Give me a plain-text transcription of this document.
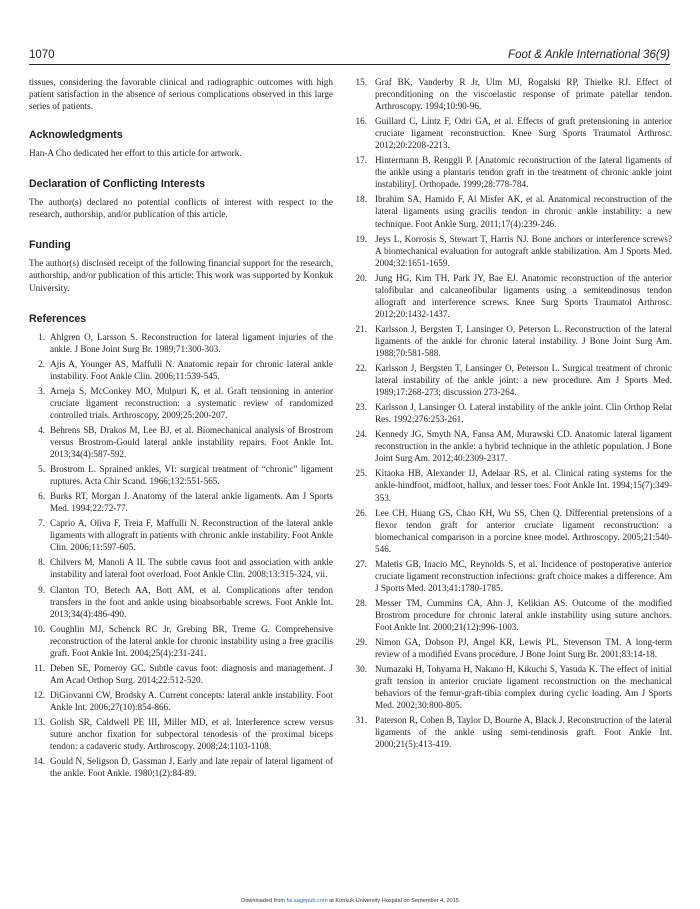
1070	Foot & Ankle International 36(9)

tissues, considering the favorable clinical and radiographic outcomes with high patient satisfaction in the absence of serious complications observed in this large series of patients.

Acknowledgments

Han-A Cho dedicated her effort to this article for artwork.

Declaration of Conflicting Interests

The author(s) declared no potential conflicts of interest with respect to the research, authorship, and/or publication of this article.

Funding

The author(s) disclosed receipt of the following financial support for the research, authorship, and/or publication of this article: This work was supported by Konkuk University.

References
1. Ahlgren O, Larsson S. Reconstruction for lateral ligament injuries of the ankle. J Bone Joint Surg Br. 1989;71:300-303.
2. Ajis A, Younger AS, Maffulli N. Anatomic repair for chronic lateral ankle instability. Foot Ankle Clin. 2006;11:539-545.
3. Arneja S, McConkey MO, Mulpuri K, et al. Graft tensioning in anterior cruciate ligament reconstruction: a systematic review of randomized controlled trials. Arthroscopy. 2009;25:200-207.
4. Behrens SB, Drakos M, Lee BJ, et al. Biomechanical analysis of Brostrom versus Brostrom-Gould lateral ankle instability repairs. Foot Ankle Int. 2013;34(4):587-592.
5. Brostrom L. Sprained ankles, VI: surgical treatment of “chronic” ligament ruptures. Acta Chir Scand. 1966;132:551-565.
6. Burks RT, Morgan J. Anatomy of the lateral ankle ligaments. Am J Sports Med. 1994;22:72-77.
7. Caprio A, Oliva F, Treia F, Maffulli N. Reconstruction of the lateral ankle ligaments with allograft in patients with chronic ankle instability. Foot Ankle Clin. 2006;11:597-605.
8. Chilvers M, Manoli A II. The subtle cavus foot and association with ankle instability and lateral foot overload. Foot Ankle Clin. 2008;13:315-324, vii.
9. Clanton TO, Betech AA, Bott AM, et al. Complications after tendon transfers in the foot and ankle using bioabsorbable screws. Foot Ankle Int. 2013;34(4):486-490.
10. Coughlin MJ, Schenck RC Jr, Grebing BR, Treme G. Comprehensive reconstruction of the lateral ankle for chronic instability using a free gracilis graft. Foot Ankle Int. 2004;25(4):231-241.
11. Deben SE, Pomeroy GC. Subtle cavus foot: diagnosis and management. J Am Acad Orthop Surg. 2014;22:512-520.
12. DiGiovanni CW, Brodsky A. Current concepts: lateral ankle instability. Foot Ankle Int. 2006;27(10):854-866.
13. Golish SR, Caldwell PE III, Miller MD, et al. Interference screw versus suture anchor fixation for subpectoral tenodesis of the proximal biceps tendon: a cadaveric study. Arthroscopy. 2008;24:1103-1108.
14. Gould N, Seligson D, Gassman J. Early and late repair of lateral ligament of the ankle. Foot Ankle. 1980;1(2):84-89.
15. Graf BK, Vanderby R Jr, Ulm MJ, Rogalski RP, Thielke RJ. Effect of preconditioning on the viscoelastic response of primate patellar tendon. Arthroscopy. 1994;10:90-96.
16. Guillard C, Lintz F, Odri GA, et al. Effects of graft pretensioning in anterior cruciate ligament reconstruction. Knee Surg Sports Traumatol Arthrosc. 2012;20:2208-2213.
17. Hintermann B, Renggli P. [Anatomic reconstruction of the lateral ligaments of the ankle using a plantaris tendon graft in the treatment of chronic ankle joint instability]. Orthopade. 1999;28:778-784.
18. Ibrahim SA, Hamido F, Al Misfer AK, et al. Anatomical reconstruction of the lateral ligaments using gracilis tendon in chronic ankle instability: a new technique. Foot Ankle Surg. 2011;17(4):239-246.
19. Jeys L, Korrosis S, Stewart T, Harris NJ. Bone anchors or interference screws? A biomechanical evaluation for autograft ankle stabilization. Am J Sports Med. 2004;32:1651-1659.
20. Jung HG, Kim TH, Park JY, Bae EJ. Anatomic reconstruction of the anterior talofibular and calcaneofibular ligaments using a semitendinosus tendon allograft and interference screws. Knee Surg Sports Traumatol Arthrosc. 2012;20:1432-1437.
21. Karlsson J, Bergsten T, Lansinger O, Peterson L. Reconstruction of the lateral ligaments of the ankle for chronic lateral instability. J Bone Joint Surg Am. 1988;70:581-588.
22. Karlsson J, Bergsten T, Lansinger O, Peterson L. Surgical treatment of chronic lateral instability of the ankle joint: a new procedure. Am J Sports Med. 1989;17:268-273; discussion 273-264.
23. Karlsson J, Lansinger O. Lateral instability of the ankle joint. Clin Orthop Relat Res. 1992;276:253-261.
24. Kennedy JG, Smyth NA, Fansa AM, Murawski CD. Anatomic lateral ligament reconstruction in the ankle: a hybrid technique in the athletic population. J Bone Joint Surg Am. 2012;40:2309-2317.
25. Kitaoka HB, Alexander IJ, Adelaar RS, et al. Clinical rating systems for the ankle-hindfoot, midfoot, hallux, and lesser toes. Foot Ankle Int. 1994;15(7):349-353.
26. Lee CH, Huang GS, Chao KH, Wu SS, Chen Q. Differential pretensions of a flexor tendon graft for anterior cruciate ligament reconstruction: a biomechanical comparison in a porcine knee model. Arthroscopy. 2005;21:540-546.
27. Maletis GB, Inacio MC, Reynolds S, et al. Incidence of postoperative anterior cruciate ligament reconstruction infections: graft choice makes a difference. Am J Sports Med. 2013;41:1780-1785.
28. Messer TM, Cummins CA, Ahn J, Kelikian AS. Outcome of the modified Brostrom procedure for chronic lateral ankle instability using suture anchors. Foot Ankle Int. 2000;21(12):996-1003.
29. Nimon GA, Dobson PJ, Angel KR, Lewis PL, Stevenson TM. A long-term review of a modified Evans procedure. J Bone Joint Surg Br. 2001;83:14-18.
30. Numazaki H, Tohyama H, Nakano H, Kikuchi S, Yasuda K. The effect of initial graft tension in anterior cruciate ligament reconstruction on the mechanical behaviors of the femur-graft-tibia complex during cyclic loading. Am J Sports Med. 2002;30:800-805.
31. Paterson R, Cohen B, Taylor D, Bourne A, Black J. Reconstruction of the lateral ligaments of the ankle using semi-tendinosis graft. Foot Ankle Int. 2000;21(5):413-419.
Downloaded from fai.sagepub.com at Konkuk University Hospital on September 4, 2015
